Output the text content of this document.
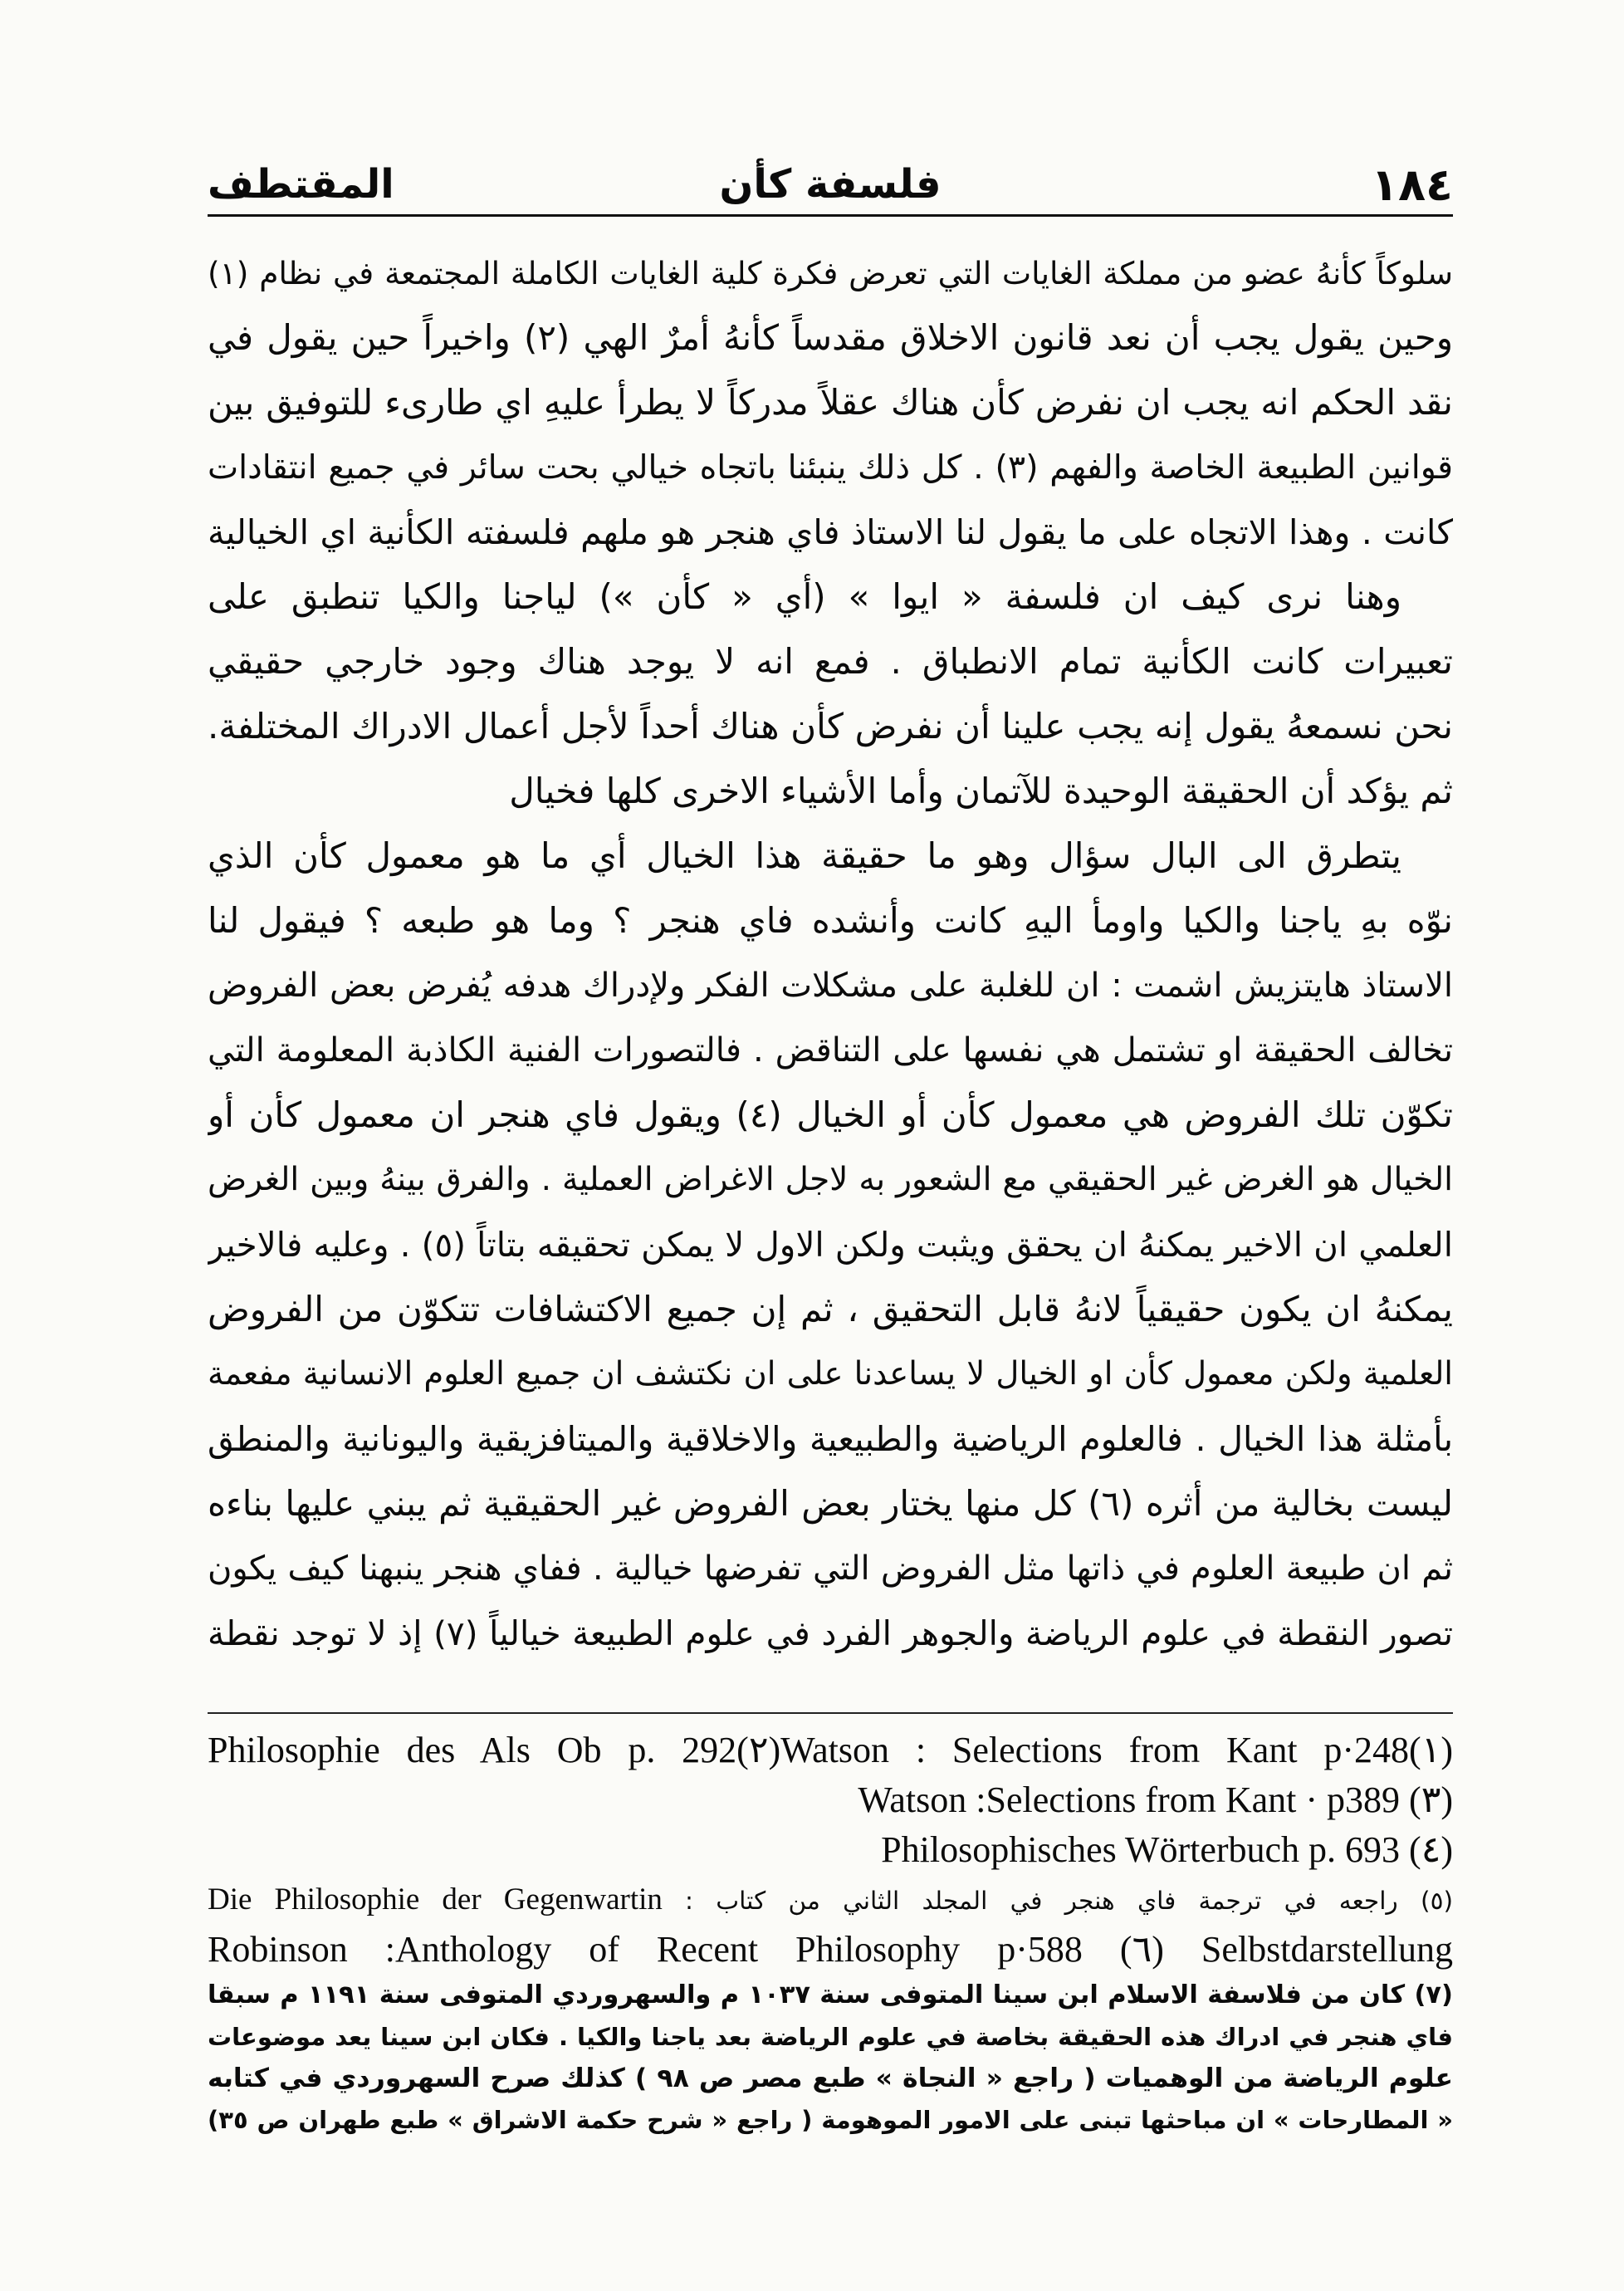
١٨٤
فلسفة كأن
المقتطف
سلوكاً كأنهُ عضو من مملكة الغايات التي تعرض فكرة كلية الغايات الكاملة المجتمعة في نظام (١)
وحين يقول يجب أن نعد قانون الاخلاق مقدساً كأنهُ أمرٌ الهي (٢) واخيراً حين يقول في
نقد الحكم انه يجب ان نفرض كأن هناك عقلاً مدركاً لا يطرأ عليهِ اي طارىء للتوفيق بين
قوانين الطبيعة الخاصة والفهم (٣) . كل ذلك ينبئنا باتجاه خيالي بحت سائر في جميع انتقادات
كانت . وهذا الاتجاه على ما يقول لنا الاستاذ فاي هنجر هو ملهم فلسفته الكأنية اي الخيالية
وهنا نرى كيف ان فلسفة « ايوا » (أي « كأن ») لياجنا والكيا تنطبق على
تعبيرات كانت الكأنية تمام الانطباق . فمع انه لا يوجد هناك وجود خارجي حقيقي
نحن نسمعهُ يقول إنه يجب علينا أن نفرض كأن هناك أحداً لأجل أعمال الادراك المختلفة.
ثم يؤكد أن الحقيقة الوحيدة للآتمان وأما الأشياء الاخرى كلها فخيال
يتطرق الى البال سؤال وهو ما حقيقة هذا الخيال أي ما هو معمول كأن الذي
نوّه بهِ ياجنا والكيا واومأ اليهِ كانت وأنشده فاي هنجر ؟ وما هو طبعه ؟ فيقول لنا
الاستاذ هايتزيش اشمت : ان للغلبة على مشكلات الفكر ولإدراك هدفه يُفرض بعض الفروض
تخالف الحقيقة او تشتمل هي نفسها على التناقض . فالتصورات الفنية الكاذبة المعلومة التي
تكوّن تلك الفروض هي معمول كأن أو الخيال (٤) ويقول فاي هنجر ان معمول كأن أو
الخيال هو الغرض غير الحقيقي مع الشعور به لاجل الاغراض العملية . والفرق بينهُ وبين الغرض
العلمي ان الاخير يمكنهُ ان يحقق ويثبت ولكن الاول لا يمكن تحقيقه بتاتاً (٥) . وعليه فالاخير
يمكنهُ ان يكون حقيقياً لانهُ قابل التحقيق ، ثم إن جميع الاكتشافات تتكوّن من الفروض
العلمية ولكن معمول كأن او الخيال لا يساعدنا على ان نكتشف ان جميع العلوم الانسانية مفعمة
بأمثلة هذا الخيال . فالعلوم الرياضية والطبيعية والاخلاقية والميتافزيقية واليونانية والمنطق
ليست بخالية من أثره (٦) كل منها يختار بعض الفروض غير الحقيقية ثم يبني عليها بناءه
ثم ان طبيعة العلوم في ذاتها مثل الفروض التي تفرضها خيالية . ففاي هنجر ينبهنا كيف يكون
تصور النقطة في علوم الرياضة والجوهر الفرد في علوم الطبيعة خيالياً (٧) إذ لا توجد نقطة
Philosophie des Als Ob p. 292(٢)Watson : Selections from Kant p·248(١)
Watson :Selections from Kant · p389 (٣)
Philosophisches Wörterbuch p. 693 (٤)
(٥) راجعه في ترجمة فاي هنجر في المجلد الثاني من كتاب : Die Philosophie der Gegenwartin
Robinson :Anthology of Recent Philosophy p·588 (٦) Selbstdarstellung
(٧) كان من فلاسفة الاسلام ابن سينا المتوفى سنة ١٠٣٧ م والسهروردي المتوفى سنة ١١٩١ م سبقا
فاي هنجر في ادراك هذه الحقيقة بخاصة في علوم الرياضة بعد ياجنا والكيا . فكان ابن سينا يعد موضوعات
علوم الرياضة من الوهميات ( راجع « النجاة » طبع مصر ص ٩٨ ) كذلك صرح السهروردي في كتابه
« المطارحات » ان مباحثها تبنى على الامور الموهومة ( راجع « شرح حكمة الاشراق » طبع طهران ص ٣٥)
